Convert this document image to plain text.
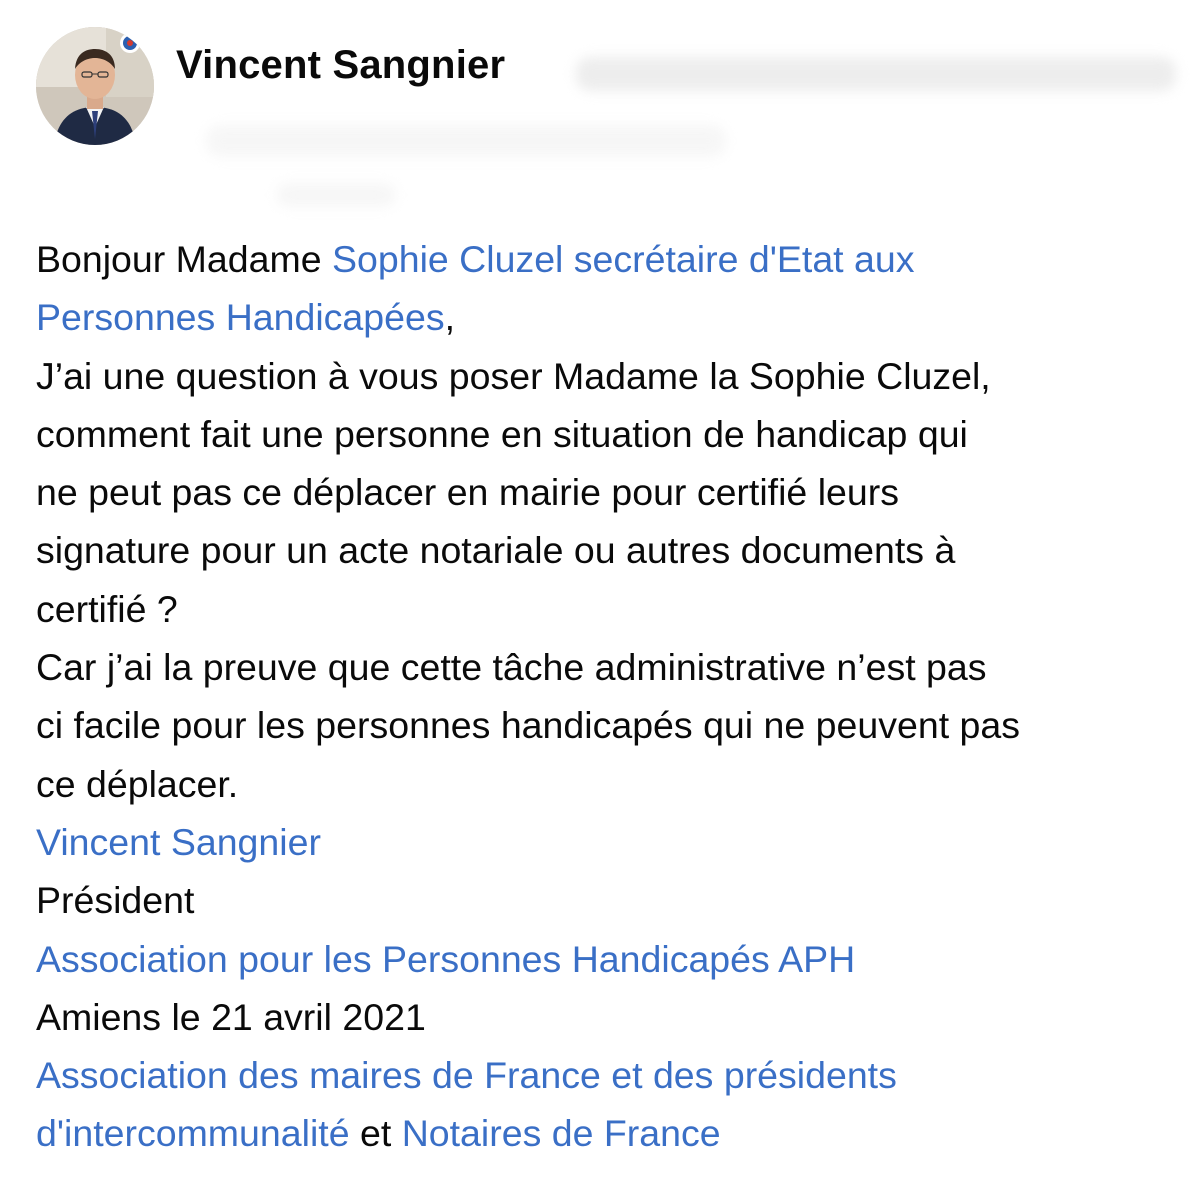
Vincent Sangnier
Bonjour Madame Sophie Cluzel secrétaire d'Etat aux
Personnes Handicapées,
J’ai une question à vous poser Madame la Sophie Cluzel,
comment fait une personne en situation de handicap qui
ne peut pas ce déplacer en mairie pour certifié leurs
signature pour un acte notariale ou autres documents à
certifié ?
Car j’ai la preuve que cette tâche administrative n’est pas
ci facile pour les personnes handicapés qui ne peuvent pas
ce déplacer.
Vincent Sangnier
Président
Association pour les Personnes Handicapés APH
Amiens le 21 avril 2021
Association des maires de France et des présidents
d'intercommunalité et Notaires de France
